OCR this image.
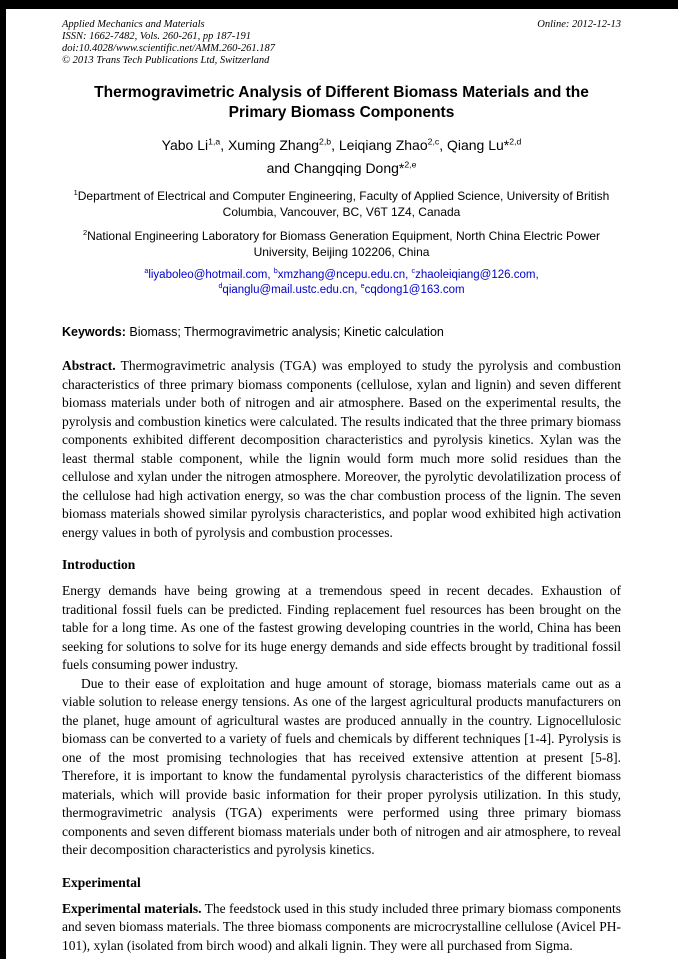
Applied Mechanics and Materials	Online: 2012-12-13
ISSN: 1662-7482, Vols. 260-261, pp 187-191
doi:10.4028/www.scientific.net/AMM.260-261.187
© 2013 Trans Tech Publications Ltd, Switzerland
Thermogravimetric Analysis of Different Biomass Materials and the
Primary Biomass Components
Yabo Li$^{1,a}$, Xuming Zhang$^{2,b}$, Leiqiang Zhao$^{2,c}$, Qiang Lu*$^{2,d}$
and Changqing Dong*$^{2,e}$
$^1$Department of Electrical and Computer Engineering, Faculty of Applied Science, University of British Columbia, Vancouver, BC, V6T 1Z4, Canada
$^2$National Engineering Laboratory for Biomass Generation Equipment, North China Electric Power University, Beijing 102206, China
$^a$liyaboleo@hotmail.com, $^b$xmzhang@ncepu.edu.cn, $^c$zhaoleiqiang@126.com, $^d$qianglu@mail.ustc.edu.cn, $^e$cqdong1@163.com
Keywords: Biomass; Thermogravimetric analysis; Kinetic calculation

Abstract. Thermogravimetric analysis (TGA) was employed to study the pyrolysis and combustion characteristics of three primary biomass components (cellulose, xylan and lignin) and seven different biomass materials under both of nitrogen and air atmosphere. Based on the experimental results, the pyrolysis and combustion kinetics were calculated. The results indicated that the three primary biomass components exhibited different decomposition characteristics and pyrolysis kinetics. Xylan was the least thermal stable component, while the lignin would form much more solid residues than the cellulose and xylan under the nitrogen atmosphere. Moreover, the pyrolytic devolatilization process of the cellulose had high activation energy, so was the char combustion process of the lignin. The seven biomass materials showed similar pyrolysis characteristics, and poplar wood exhibited high activation energy values in both of pyrolysis and combustion processes.

Introduction

Energy demands have being growing at a tremendous speed in recent decades. Exhaustion of traditional fossil fuels can be predicted. Finding replacement fuel resources has been brought on the table for a long time. As one of the fastest growing developing countries in the world, China has been seeking for solutions to solve for its huge energy demands and side effects brought by traditional fossil fuels consuming power industry.

Due to their ease of exploitation and huge amount of storage, biomass materials came out as a viable solution to release energy tensions. As one of the largest agricultural products manufacturers on the planet, huge amount of agricultural wastes are produced annually in the country. Lignocellulosic biomass can be converted to a variety of fuels and chemicals by different techniques [1-4]. Pyrolysis is one of the most promising technologies that has received extensive attention at present [5-8]. Therefore, it is important to know the fundamental pyrolysis characteristics of the different biomass materials, which will provide basic information for their proper pyrolysis utilization. In this study, thermogravimetric analysis (TGA) experiments were performed using three primary biomass components and seven different biomass materials under both of nitrogen and air atmosphere, to reveal their decomposition characteristics and pyrolysis kinetics.

Experimental

Experimental materials. The feedstock used in this study included three primary biomass components and seven biomass materials. The three biomass components are microcrystalline cellulose (Avicel PH-101), xylan (isolated from birch wood) and alkali lignin. They were all purchased from Sigma.
